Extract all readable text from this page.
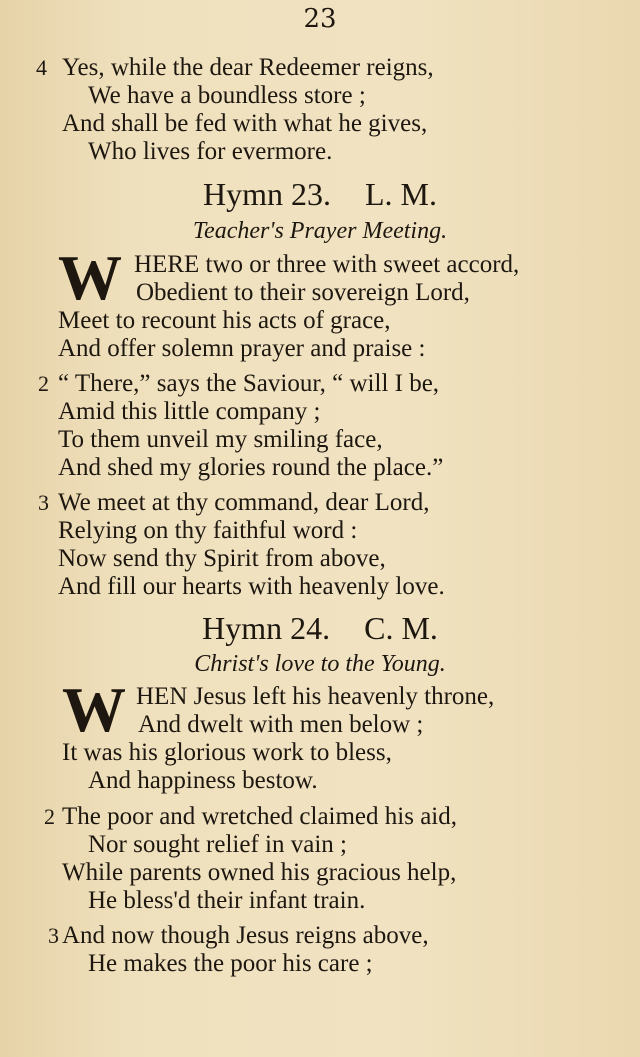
23
4 Yes, while the dear Redeemer reigns,
We have a boundless store ;
And shall be fed with what he gives,
Who lives for evermore.
Hymn 23. L. M.
Teacher's Prayer Meeting.
W HERE two or three with sweet accord,
Obedient to their sovereign Lord,
Meet to recount his acts of grace,
And offer solemn prayer and praise :
2 “ There,” says the Saviour, “ will I be,
Amid this little company ;
To them unveil my smiling face,
And shed my glories round the place.”
3 We meet at thy command, dear Lord,
Relying on thy faithful word :
Now send thy Spirit from above,
And fill our hearts with heavenly love.
Hymn 24. C. M.
Christ's love to the Young.
W HEN Jesus left his heavenly throne,
And dwelt with men below ;
It was his glorious work to bless,
And happiness bestow.
2 The poor and wretched claimed his aid,
Nor sought relief in vain ;
While parents owned his gracious help,
He bless'd their infant train.
3 And now though Jesus reigns above,
He makes the poor his care ;
